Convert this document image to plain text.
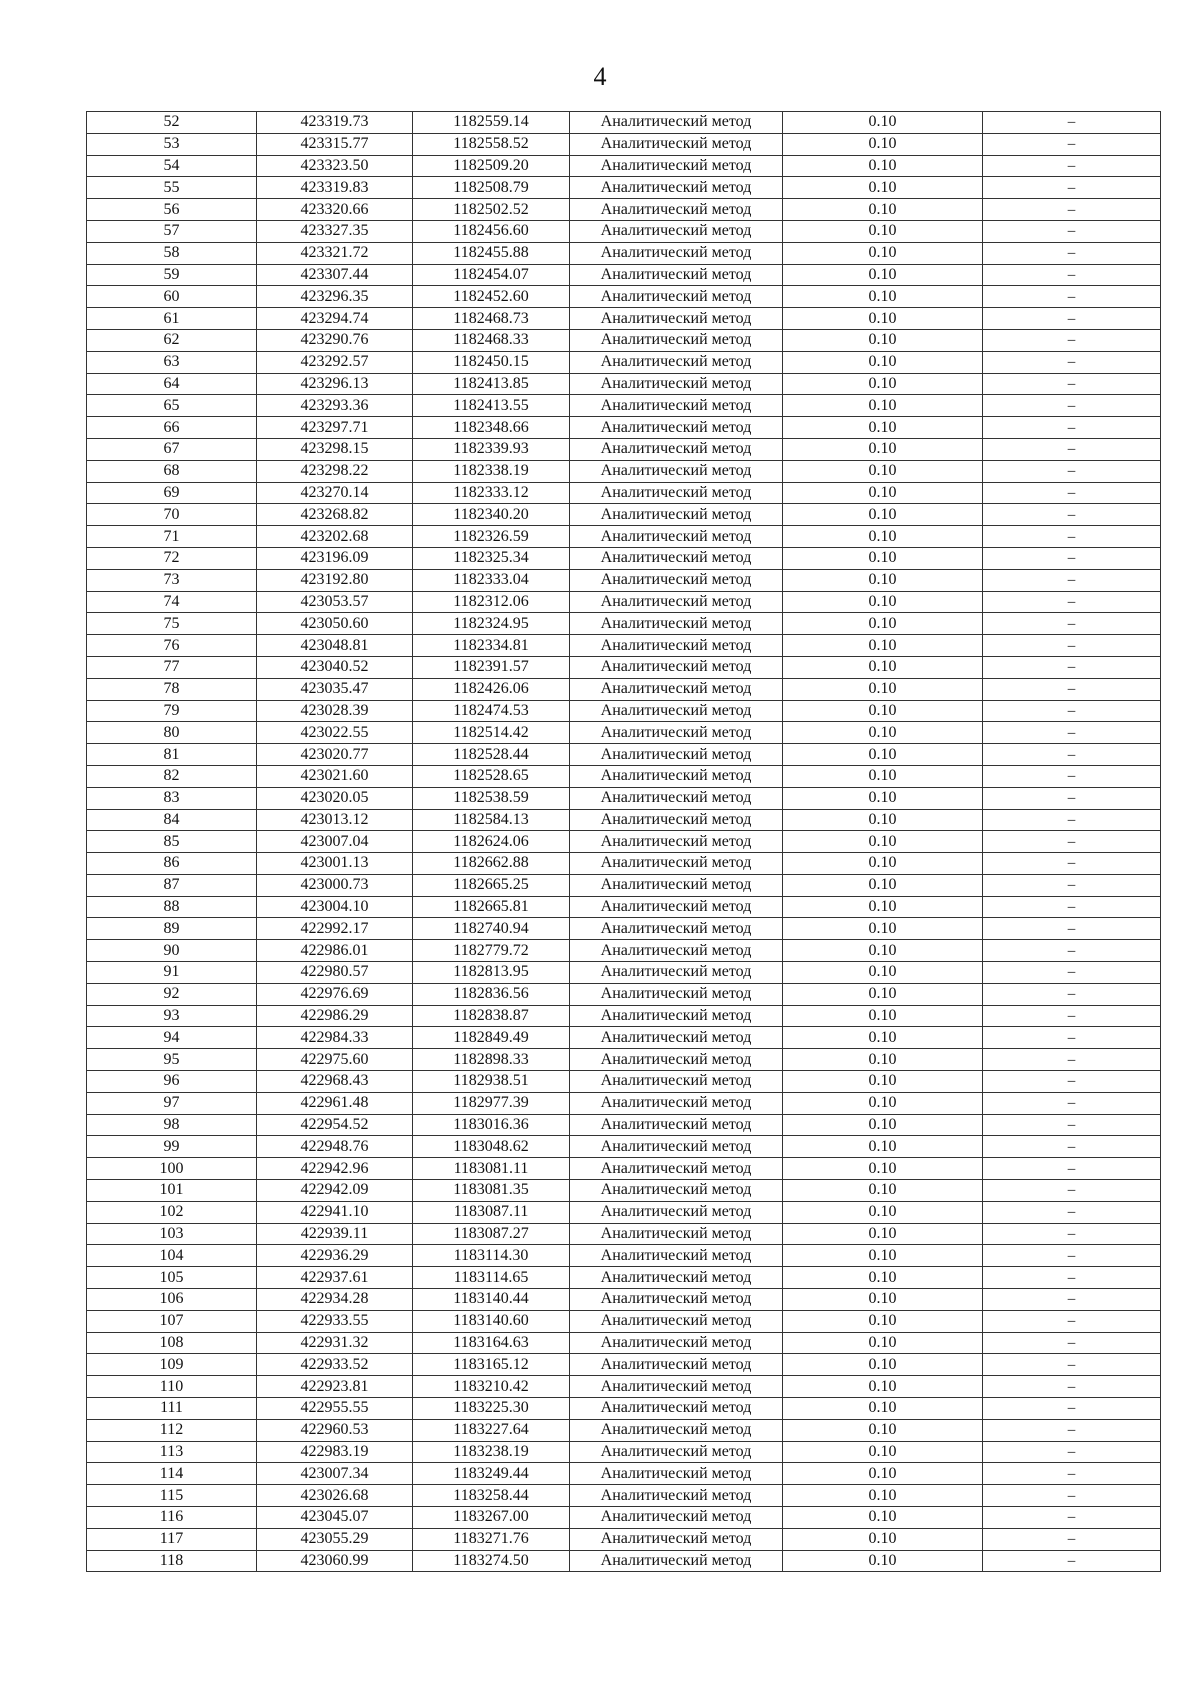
4
52	423319.73	1182559.14	Аналитический метод	0.10	–
53	423315.77	1182558.52	Аналитический метод	0.10	–
54	423323.50	1182509.20	Аналитический метод	0.10	–
55	423319.83	1182508.79	Аналитический метод	0.10	–
56	423320.66	1182502.52	Аналитический метод	0.10	–
57	423327.35	1182456.60	Аналитический метод	0.10	–
58	423321.72	1182455.88	Аналитический метод	0.10	–
59	423307.44	1182454.07	Аналитический метод	0.10	–
60	423296.35	1182452.60	Аналитический метод	0.10	–
61	423294.74	1182468.73	Аналитический метод	0.10	–
62	423290.76	1182468.33	Аналитический метод	0.10	–
63	423292.57	1182450.15	Аналитический метод	0.10	–
64	423296.13	1182413.85	Аналитический метод	0.10	–
65	423293.36	1182413.55	Аналитический метод	0.10	–
66	423297.71	1182348.66	Аналитический метод	0.10	–
67	423298.15	1182339.93	Аналитический метод	0.10	–
68	423298.22	1182338.19	Аналитический метод	0.10	–
69	423270.14	1182333.12	Аналитический метод	0.10	–
70	423268.82	1182340.20	Аналитический метод	0.10	–
71	423202.68	1182326.59	Аналитический метод	0.10	–
72	423196.09	1182325.34	Аналитический метод	0.10	–
73	423192.80	1182333.04	Аналитический метод	0.10	–
74	423053.57	1182312.06	Аналитический метод	0.10	–
75	423050.60	1182324.95	Аналитический метод	0.10	–
76	423048.81	1182334.81	Аналитический метод	0.10	–
77	423040.52	1182391.57	Аналитический метод	0.10	–
78	423035.47	1182426.06	Аналитический метод	0.10	–
79	423028.39	1182474.53	Аналитический метод	0.10	–
80	423022.55	1182514.42	Аналитический метод	0.10	–
81	423020.77	1182528.44	Аналитический метод	0.10	–
82	423021.60	1182528.65	Аналитический метод	0.10	–
83	423020.05	1182538.59	Аналитический метод	0.10	–
84	423013.12	1182584.13	Аналитический метод	0.10	–
85	423007.04	1182624.06	Аналитический метод	0.10	–
86	423001.13	1182662.88	Аналитический метод	0.10	–
87	423000.73	1182665.25	Аналитический метод	0.10	–
88	423004.10	1182665.81	Аналитический метод	0.10	–
89	422992.17	1182740.94	Аналитический метод	0.10	–
90	422986.01	1182779.72	Аналитический метод	0.10	–
91	422980.57	1182813.95	Аналитический метод	0.10	–
92	422976.69	1182836.56	Аналитический метод	0.10	–
93	422986.29	1182838.87	Аналитический метод	0.10	–
94	422984.33	1182849.49	Аналитический метод	0.10	–
95	422975.60	1182898.33	Аналитический метод	0.10	–
96	422968.43	1182938.51	Аналитический метод	0.10	–
97	422961.48	1182977.39	Аналитический метод	0.10	–
98	422954.52	1183016.36	Аналитический метод	0.10	–
99	422948.76	1183048.62	Аналитический метод	0.10	–
100	422942.96	1183081.11	Аналитический метод	0.10	–
101	422942.09	1183081.35	Аналитический метод	0.10	–
102	422941.10	1183087.11	Аналитический метод	0.10	–
103	422939.11	1183087.27	Аналитический метод	0.10	–
104	422936.29	1183114.30	Аналитический метод	0.10	–
105	422937.61	1183114.65	Аналитический метод	0.10	–
106	422934.28	1183140.44	Аналитический метод	0.10	–
107	422933.55	1183140.60	Аналитический метод	0.10	–
108	422931.32	1183164.63	Аналитический метод	0.10	–
109	422933.52	1183165.12	Аналитический метод	0.10	–
110	422923.81	1183210.42	Аналитический метод	0.10	–
111	422955.55	1183225.30	Аналитический метод	0.10	–
112	422960.53	1183227.64	Аналитический метод	0.10	–
113	422983.19	1183238.19	Аналитический метод	0.10	–
114	423007.34	1183249.44	Аналитический метод	0.10	–
115	423026.68	1183258.44	Аналитический метод	0.10	–
116	423045.07	1183267.00	Аналитический метод	0.10	–
117	423055.29	1183271.76	Аналитический метод	0.10	–
118	423060.99	1183274.50	Аналитический метод	0.10	–
